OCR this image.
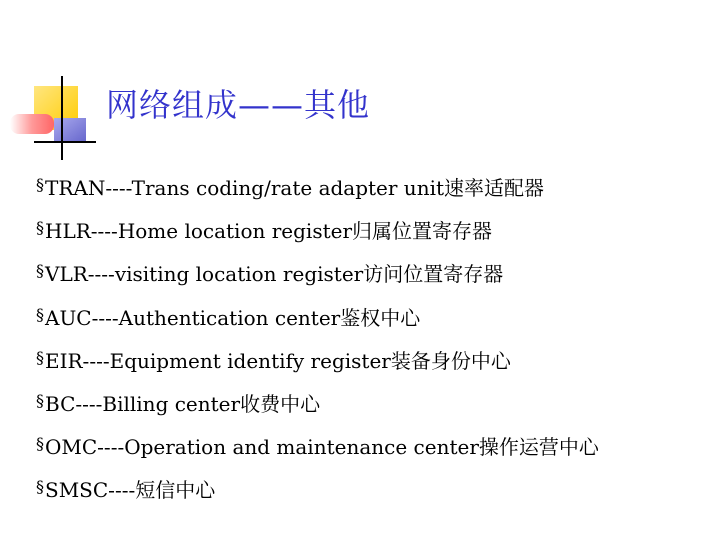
网络组成——其他
§ TRAN----Trans coding/rate adapter unit速率适配器
§ HLR----Home location register归属位置寄存器
§ VLR----visiting location register访问位置寄存器
§ AUC----Authentication center鉴权中心
§ EIR----Equipment identify register装备身份中心
§ BC----Billing center收费中心
§ OMC----Operation and maintenance center操作运营中心
§ SMSC----短信中心
